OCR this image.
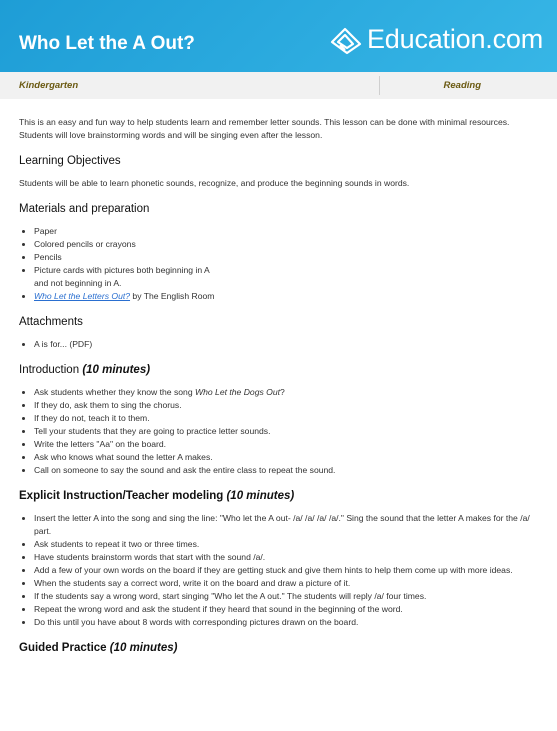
Who Let the A Out?	Education.com
Kindergarten	Reading

This is an easy and fun way to help students learn and remember letter sounds. This lesson can be done with minimal resources. Students will love brainstorming words and will be singing even after the lesson.

Learning Objectives

Students will be able to learn phonetic sounds, recognize, and produce the beginning sounds in words.

Materials and preparation
• Paper
• Colored pencils or crayons
• Pencils
• Picture cards with pictures both beginning in A
and not beginning in A.
• Who Let the Letters Out? by The English Room
Attachments
• A is for... (PDF)
Introduction (10 minutes)
• Ask students whether they know the song Who Let the Dogs Out?
• If they do, ask them to sing the chorus.
• If they do not, teach it to them.
• Tell your students that they are going to practice letter sounds.
• Write the letters "Aa" on the board.
• Ask who knows what sound the letter A makes.
• Call on someone to say the sound and ask the entire class to repeat the sound.
Explicit Instruction/Teacher modeling (10 minutes)
• Insert the letter A into the song and sing the line: "Who let the A out- /a/ /a/ /a/ /a/." Sing the sound that the letter A makes for the /a/ part.
• Ask students to repeat it two or three times.
• Have students brainstorm words that start with the sound /a/.
• Add a few of your own words on the board if they are getting stuck and give them hints to help them come up with more ideas.
• When the students say a correct word, write it on the board and draw a picture of it.
• If the students say a wrong word, start singing "Who let the A out." The students will reply /a/ four times.
• Repeat the wrong word and ask the student if they heard that sound in the beginning of the word.
• Do this until you have about 8 words with corresponding pictures drawn on the board.
Guided Practice (10 minutes)
